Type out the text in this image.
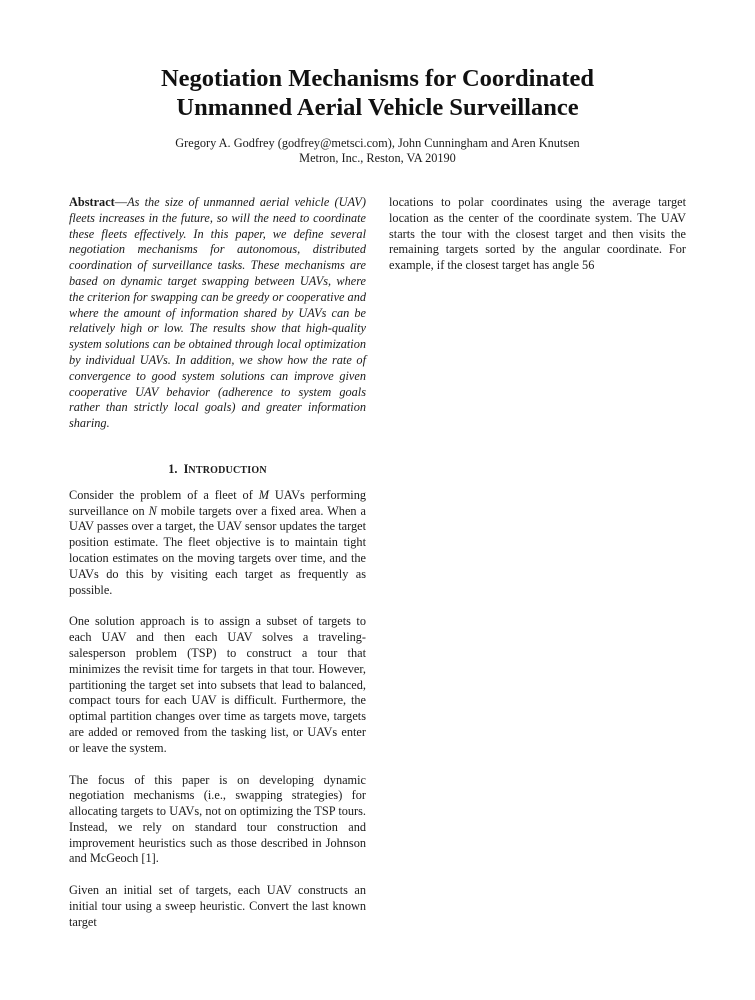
Negotiation Mechanisms for Coordinated
Unmanned Aerial Vehicle Surveillance
Gregory A. Godfrey (godfrey@metsci.com), John Cunningham and Aren Knutsen
Metron, Inc., Reston, VA 20190

Abstract—As the size of unmanned aerial vehicle (UAV) fleets increases in the future, so will the need to coordinate these fleets effectively. In this paper, we define several negotiation mechanisms for autonomous, distributed coordination of surveillance tasks. These mechanisms are based on dynamic target swapping between UAVs, where the criterion for swapping can be greedy or cooperative and where the amount of information shared by UAVs can be relatively high or low. The results show that high-quality system solutions can be obtained through local optimization by individual UAVs. In addition, we show how the rate of convergence to good system solutions can improve given cooperative UAV behavior (adherence to system goals rather than strictly local goals) and greater information sharing.

1. INTRODUCTION

Consider the problem of a fleet of M UAVs performing surveillance on N mobile targets over a fixed area. When a UAV passes over a target, the UAV sensor updates the target position estimate. The fleet objective is to maintain tight location estimates on the moving targets over time, and the UAVs do this by visiting each target as frequently as possible.

One solution approach is to assign a subset of targets to each UAV and then each UAV solves a traveling-salesperson problem (TSP) to construct a tour that minimizes the revisit time for targets in that tour. However, partitioning the target set into subsets that lead to balanced, compact tours for each UAV is difficult. Furthermore, the optimal partition changes over time as targets move, targets are added or removed from the tasking list, or UAVs enter or leave the system.

The focus of this paper is on developing dynamic negotiation mechanisms (i.e., swapping strategies) for allocating targets to UAVs, not on optimizing the TSP tours. Instead, we rely on standard tour construction and improvement heuristics such as those described in Johnson and McGeoch [1].

Given an initial set of targets, each UAV constructs an initial tour using a sweep heuristic. Convert the last known target

locations to polar coordinates using the average target location as the center of the coordinate system. The UAV starts the tour with the closest target and then visits the remaining targets sorted by the angular coordinate. For example, if the closest target has angle 56
